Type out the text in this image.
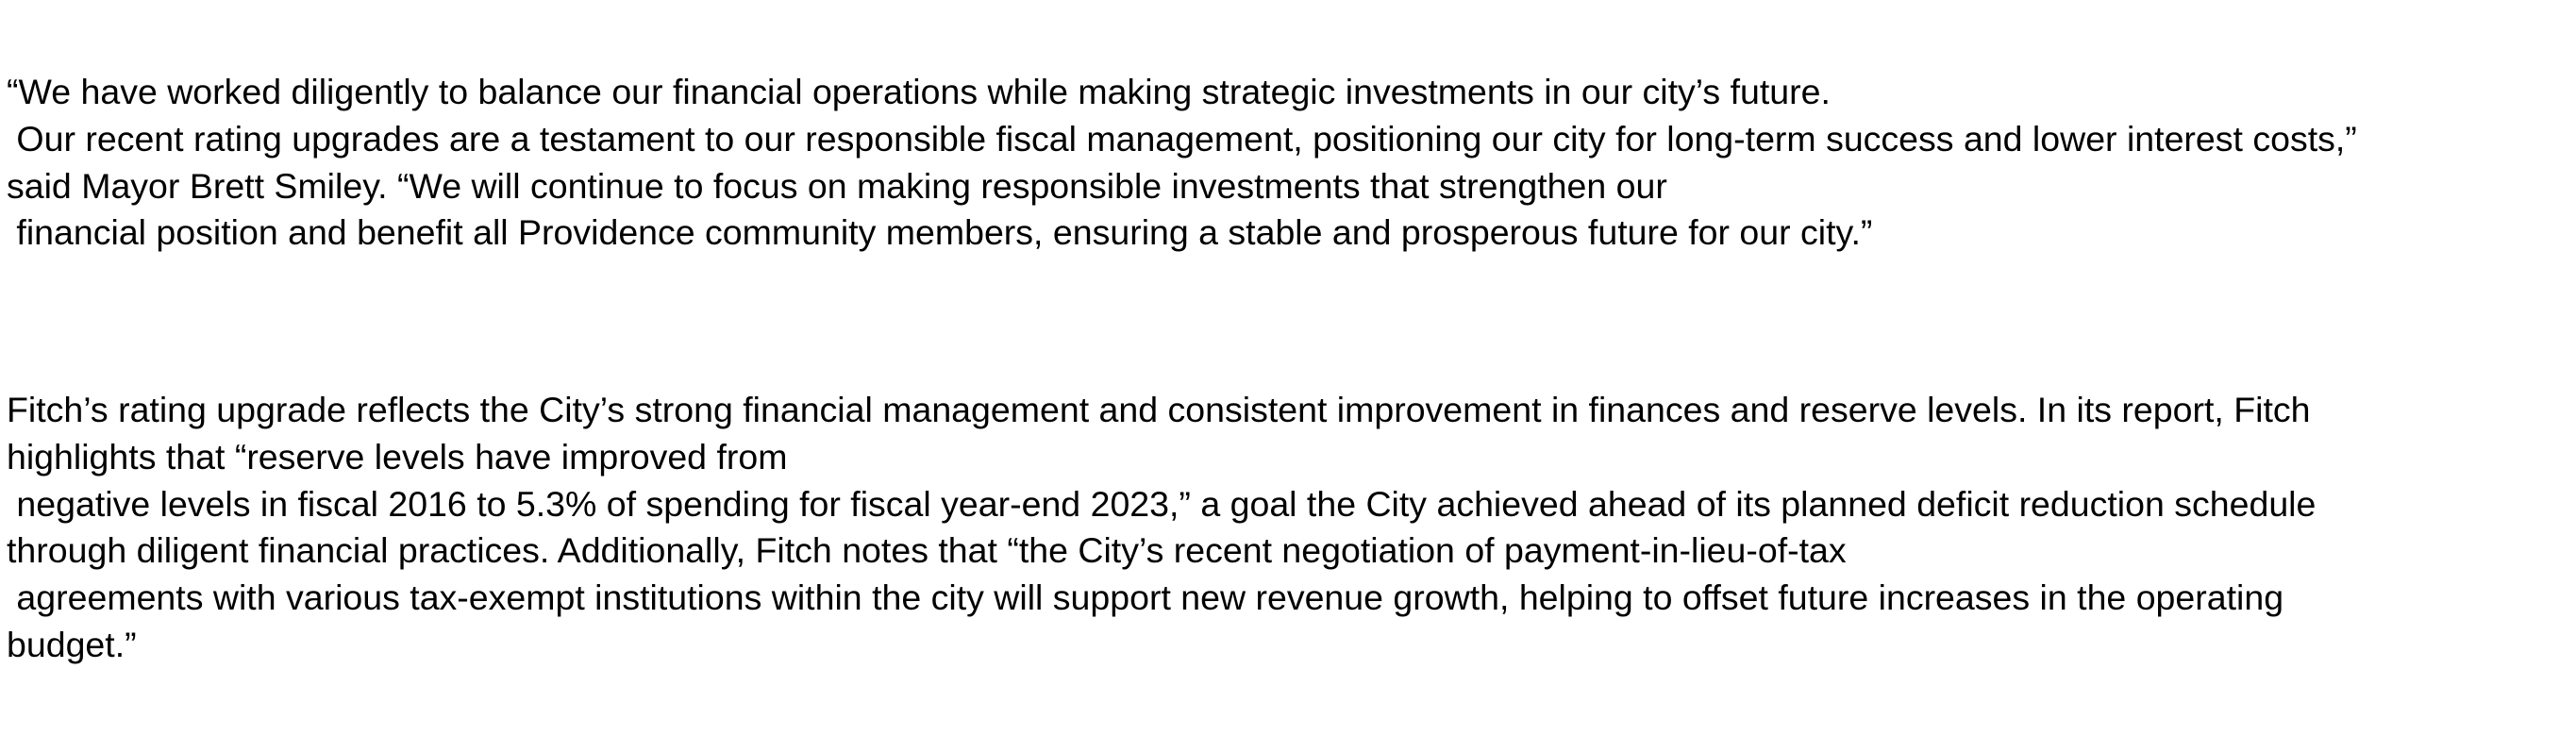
“We have worked diligently to balance our financial operations while making strategic investments in our city’s future.
Our recent rating upgrades are a testament to our responsible fiscal management, positioning our city for long-term success and lower interest costs,”
said Mayor Brett Smiley. “We will continue to focus on making responsible investments that strengthen our
financial position and benefit all Providence community members, ensuring a stable and prosperous future for our city.”

Fitch’s rating upgrade reflects the City’s strong financial management and consistent improvement in finances and reserve levels. In its report, Fitch
highlights that “reserve levels have improved from
negative levels in fiscal 2016 to 5.3% of spending for fiscal year-end 2023,” a goal the City achieved ahead of its planned deficit reduction schedule
through diligent financial practices. Additionally, Fitch notes that “the City’s recent negotiation of payment-in-lieu-of-tax
agreements with various tax-exempt institutions within the city will support new revenue growth, helping to offset future increases in the operating
budget.”
